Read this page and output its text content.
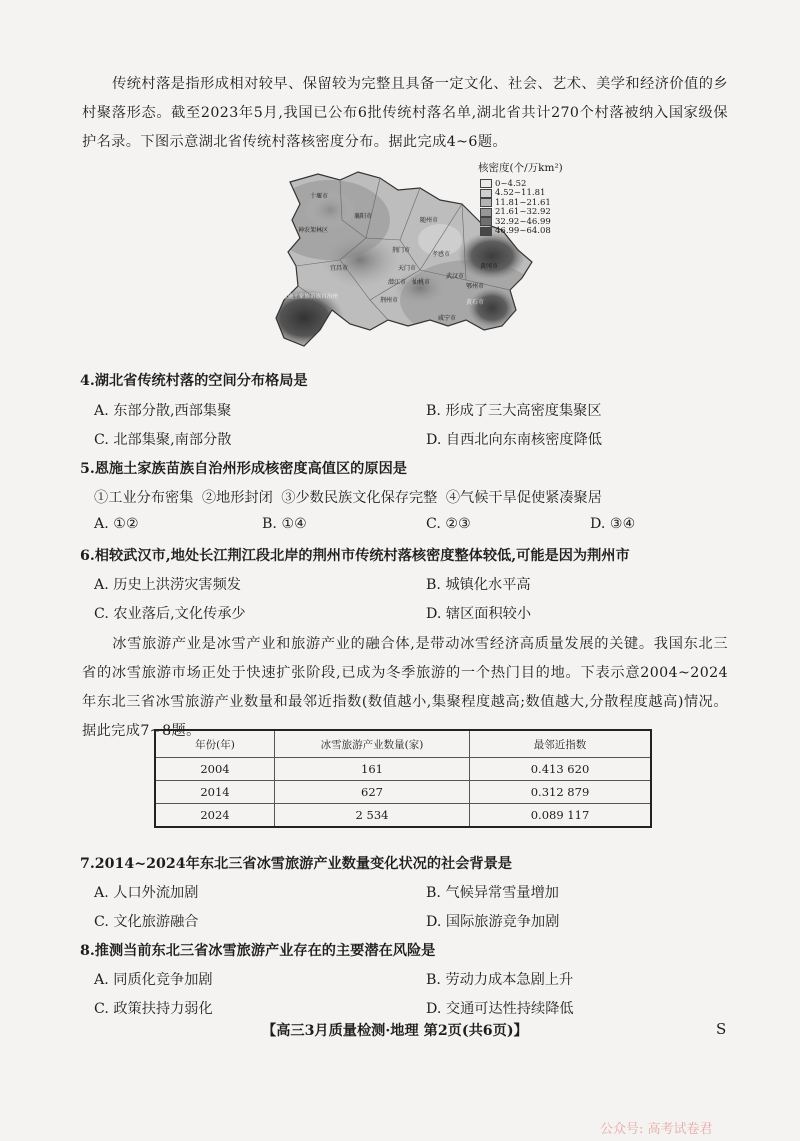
传统村落是指形成相对较早、保留较为完整且具备一定文化、社会、艺术、美学和经济价值的乡村聚落形态。截至2023年5月,我国已公布6批传统村落名单,湖北省共计270个村落被纳入国家级保护名录。下图示意湖北省传统村落核密度分布。据此完成4~6题。

十堰市
襄阳市
随州市
神农架林区
荆门市
孝感市
宜昌市	天门市	黄冈市
武汉市
潜江市 仙桃市
鄂州市
恩施土家族苗族自治州	荆州市	黄石市
咸宁市
核密度(个/万km²)
0~4.52
4.52~11.81
11.81~21.61
21.61~32.92
32.92~46.99
46.99~64.08

4.湖北省传统村落的空间分布格局是

A. 东部分散,西部集聚	B. 形成了三大高密度集聚区

C. 北部集聚,南部分散	D. 自西北向东南核密度降低

5.恩施土家族苗族自治州形成核密度高值区的原因是

①工业分布密集 ②地形封闭 ③少数民族文化保存完整 ④气候干旱促使紧凑聚居

A. ①②	B. ①④	C. ②③	D. ③④

6.相较武汉市,地处长江荆江段北岸的荆州市传统村落核密度整体较低,可能是因为荆州市

A. 历史上洪涝灾害频发	B. 城镇化水平高

C. 农业落后,文化传承少	D. 辖区面积较小

冰雪旅游产业是冰雪产业和旅游产业的融合体,是带动冰雪经济高质量发展的关键。我国东北三省的冰雪旅游市场正处于快速扩张阶段,已成为冬季旅游的一个热门目的地。下表示意2004~2024年东北三省冰雪旅游产业数量和最邻近指数(数值越小,集聚程度越高;数值越大,分散程度越高)情况。据此完成7~8题。

年份(年)	冰雪旅游产业数量(家)	最邻近指数
2004	161	0.413 620
2014	627	0.312 879
2024	2 534	0.089 117

7.2014~2024年东北三省冰雪旅游产业数量变化状况的社会背景是

A. 人口外流加剧	B. 气候异常雪量增加

C. 文化旅游融合	D. 国际旅游竞争加剧

8.推测当前东北三省冰雪旅游产业存在的主要潜在风险是

A. 同质化竞争加剧	B. 劳动力成本急剧上升

C. 政策扶持力弱化	D. 交通可达性持续降低

【高三3月质量检测·地理 第2页(共6页)】	S
公众号: 高考试卷君
